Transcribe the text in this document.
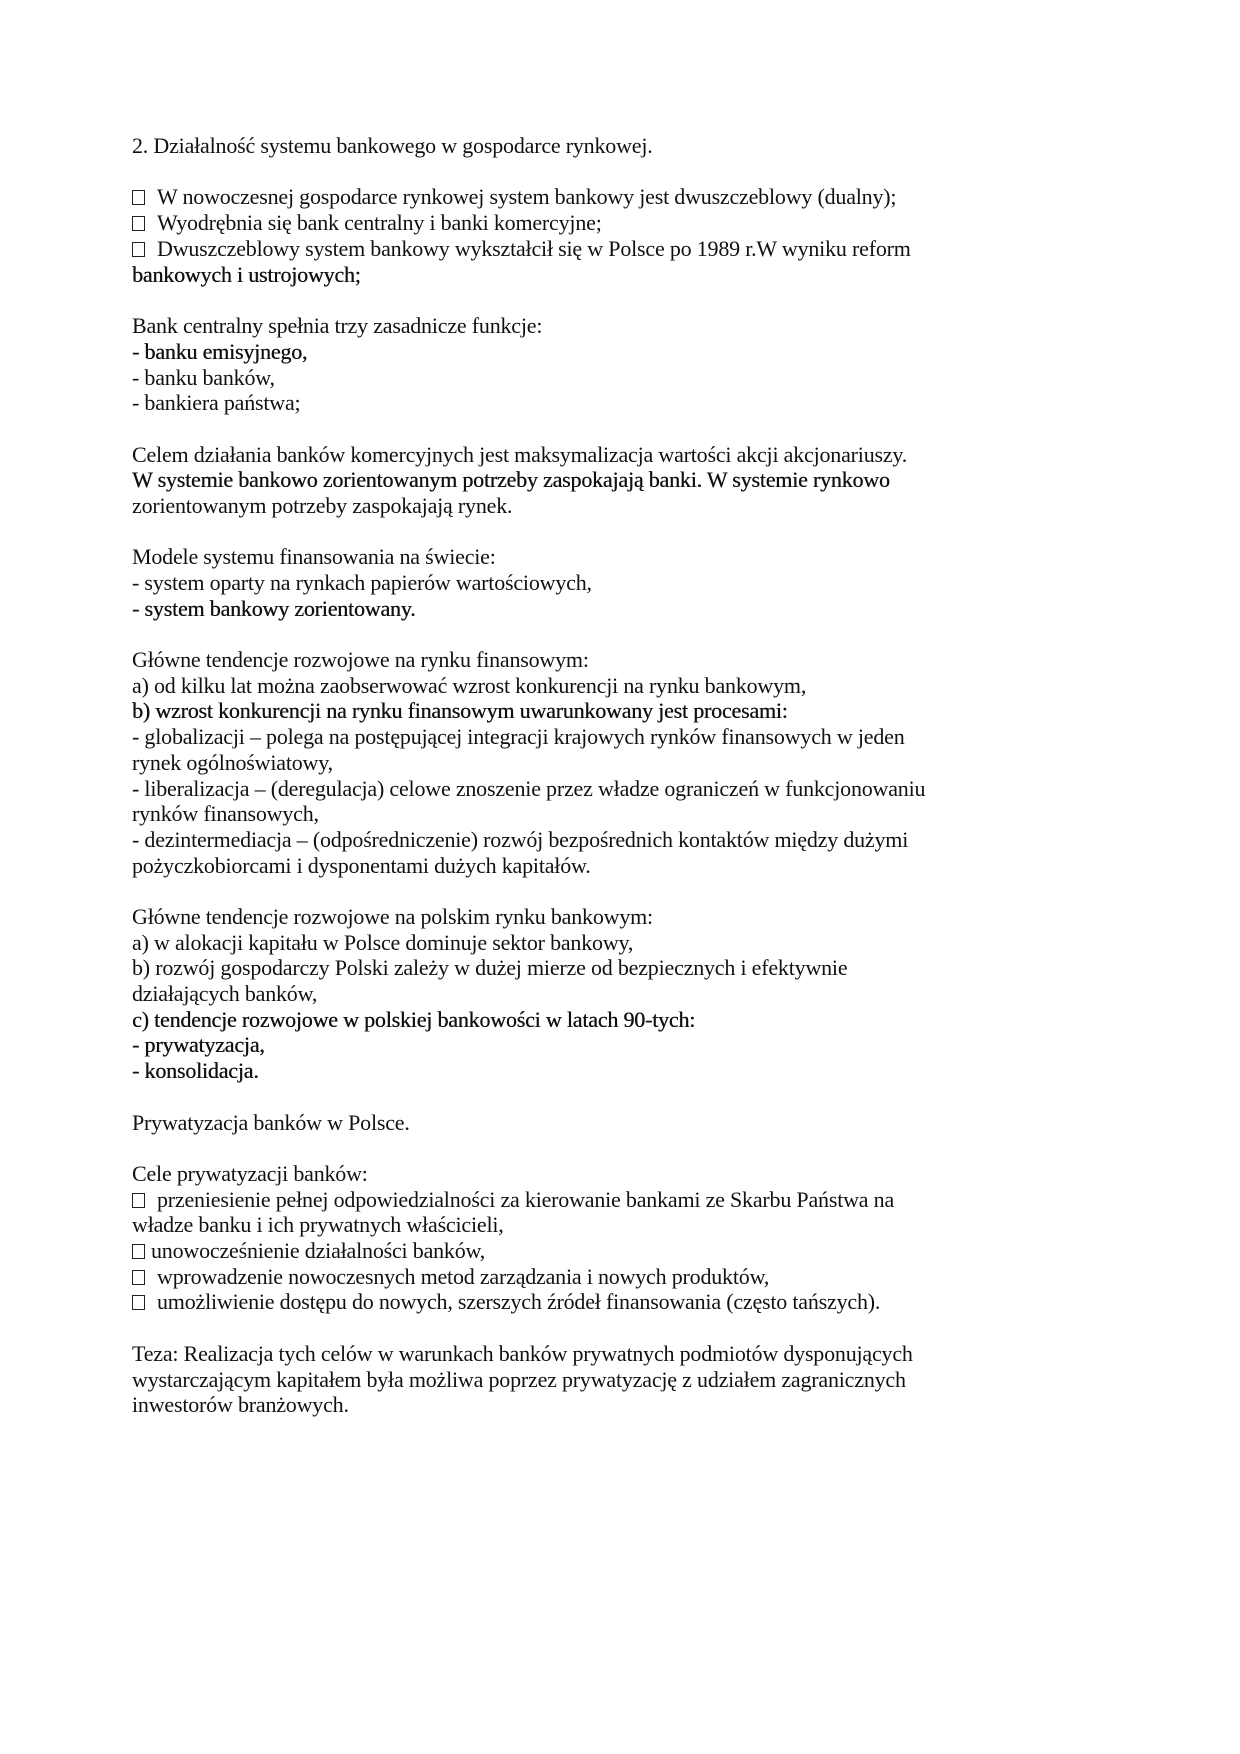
2. Działalność systemu bankowego w gospodarce rynkowej.
W nowoczesnej gospodarce rynkowej system bankowy jest dwuszczeblowy (dualny);
Wyodrębnia się bank centralny i banki komercyjne;
Dwuszczeblowy system bankowy wykształcił się w Polsce po 1989 r.W wyniku reform
bankowych i ustrojowych;
Bank centralny spełnia trzy zasadnicze funkcje:
- banku emisyjnego,
- banku banków,
- bankiera państwa;
Celem działania banków komercyjnych jest maksymalizacja wartości akcji akcjonariuszy.
W systemie bankowo zorientowanym potrzeby zaspokajają banki. W systemie rynkowo
zorientowanym potrzeby zaspokajają rynek.
Modele systemu finansowania na świecie:
- system oparty na rynkach papierów wartościowych,
- system bankowy zorientowany.
Główne tendencje rozwojowe na rynku finansowym:
a) od kilku lat można zaobserwować wzrost konkurencji na rynku bankowym,
b) wzrost konkurencji na rynku finansowym uwarunkowany jest procesami:
- globalizacji – polega na postępującej integracji krajowych rynków finansowych w jeden
rynek ogólnoświatowy,
- liberalizacja – (deregulacja) celowe znoszenie przez władze ograniczeń w funkcjonowaniu
rynków finansowych,
- dezintermediacja – (odpośredniczenie) rozwój bezpośrednich kontaktów między dużymi
pożyczkobiorcami i dysponentami dużych kapitałów.
Główne tendencje rozwojowe na polskim rynku bankowym:
a) w alokacji kapitału w Polsce dominuje sektor bankowy,
b) rozwój gospodarczy Polski zależy w dużej mierze od bezpiecznych i efektywnie
działających banków,
c) tendencje rozwojowe w polskiej bankowości w latach 90-tych:
- prywatyzacja,
- konsolidacja.
Prywatyzacja banków w Polsce.
Cele prywatyzacji banków:
przeniesienie pełnej odpowiedzialności za kierowanie bankami ze Skarbu Państwa na
władze banku i ich prywatnych właścicieli,
unowocześnienie działalności banków,
wprowadzenie nowoczesnych metod zarządzania i nowych produktów,
umożliwienie dostępu do nowych, szerszych źródeł finansowania (często tańszych).
Teza: Realizacja tych celów w warunkach banków prywatnych podmiotów dysponujących
wystarczającym kapitałem była możliwa poprzez prywatyzację z udziałem zagranicznych
inwestorów branżowych.
